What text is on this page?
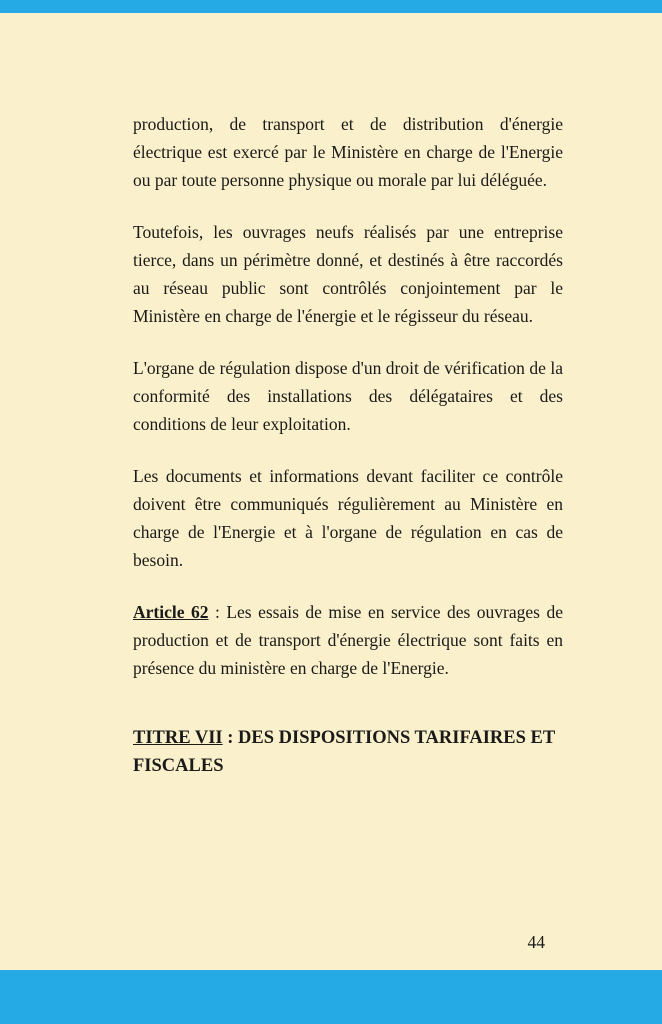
production, de transport et de distribution d'énergie électrique est exercé par le Ministère en charge de l'Energie ou par toute personne physique ou morale par lui déléguée.

Toutefois, les ouvrages neufs réalisés par une entreprise tierce, dans un périmètre donné, et destinés à être raccordés au réseau public sont contrôlés conjointement par le Ministère en charge de l'énergie et le régisseur du réseau.

L'organe de régulation dispose d'un droit de vérification de la conformité des installations des délégataires et des conditions de leur exploitation.

Les documents et informations devant faciliter ce contrôle doivent être communiqués régulièrement au Ministère en charge de l'Energie et à l'organe de régulation en cas de besoin.

Article 62 : Les essais de mise en service des ouvrages de production et de transport d'énergie électrique sont faits en présence du ministère en charge de l'Energie.

TITRE VII : DES DISPOSITIONS TARIFAIRES ET FISCALES
44
